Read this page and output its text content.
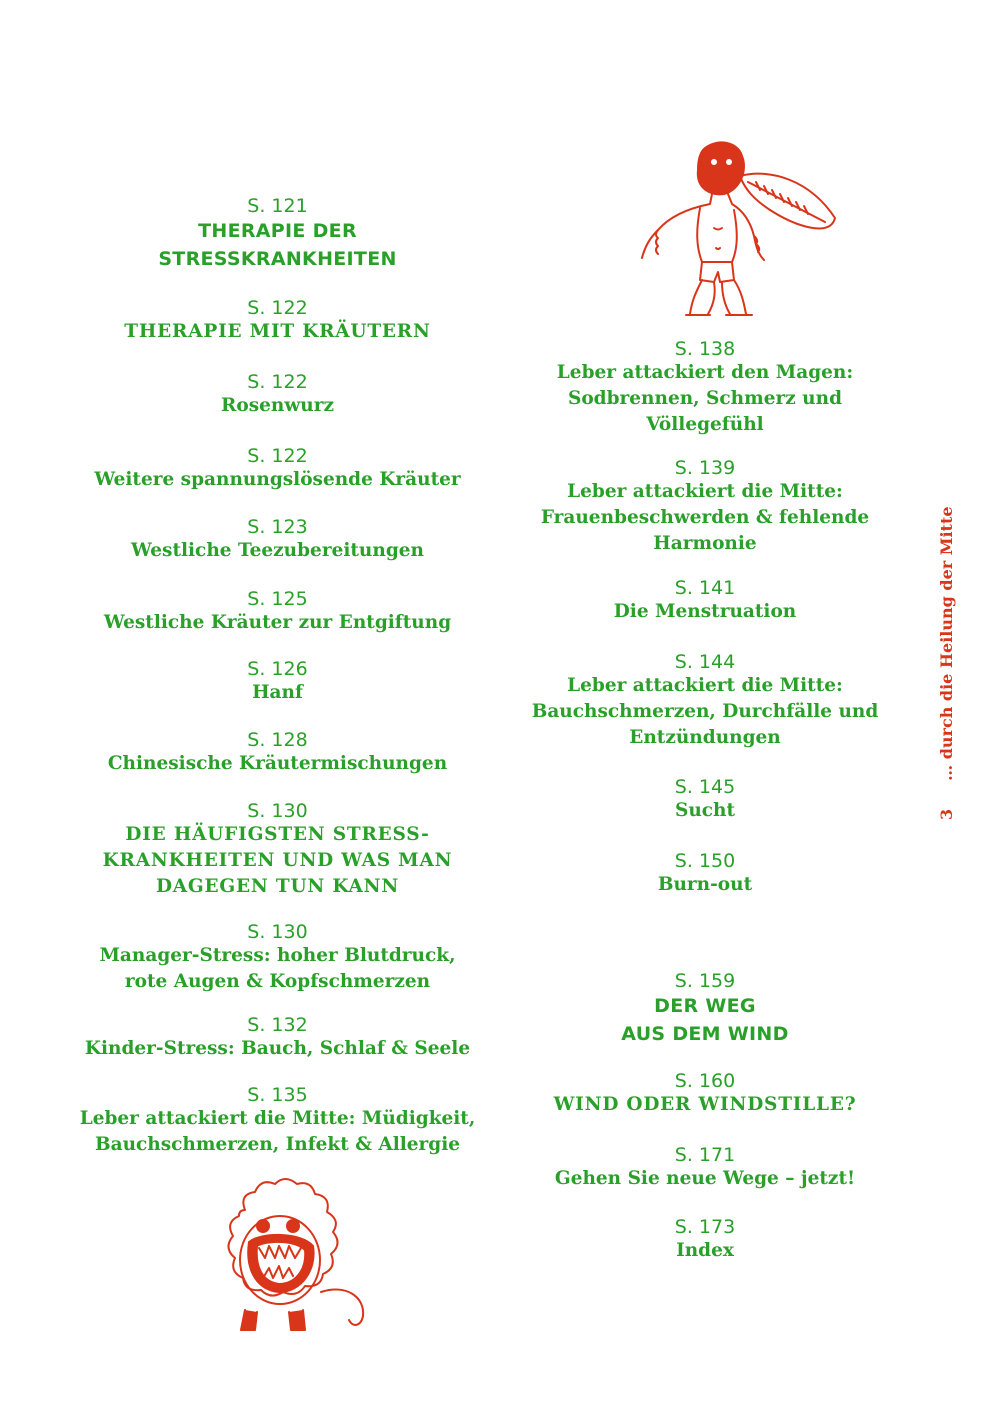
S. 121
THERAPIE DER
STRESSKRANKHEITEN
S. 122
THERAPIE MIT KRÄUTERN
S. 122
Rosenwurz
S. 122
Weitere spannungslösende Kräuter
S. 123
Westliche Teezubereitungen
S. 125
Westliche Kräuter zur Entgiftung
S. 126
Hanf
S. 128
Chinesische Kräutermischungen
S. 130
DIE HÄUFIGSTEN STRESS-
KRANKHEITEN UND WAS MAN
DAGEGEN TUN KANN
S. 130
Manager-Stress: hoher Blutdruck,
rote Augen & Kopfschmerzen
S. 132
Kinder-Stress: Bauch, Schlaf & Seele
S. 135
Leber attackiert die Mitte: Müdigkeit,
Bauchschmerzen, Infekt & Allergie
S. 138
Leber attackiert den Magen:
Sodbrennen, Schmerz und
Völlegefühl
S. 139
Leber attackiert die Mitte:
Frauenbeschwerden & fehlende
Harmonie
S. 141
Die Menstruation
S. 144
Leber attackiert die Mitte:
Bauchschmerzen, Durchfälle und
Entzündungen
S. 145
Sucht
S. 150
Burn-out
S. 159
DER WEG
AUS DEM WIND
S. 160
WIND ODER WINDSTILLE?
S. 171
Gehen Sie neue Wege – jetzt!
S. 173
Index
3… durch die Heilung der Mitte
